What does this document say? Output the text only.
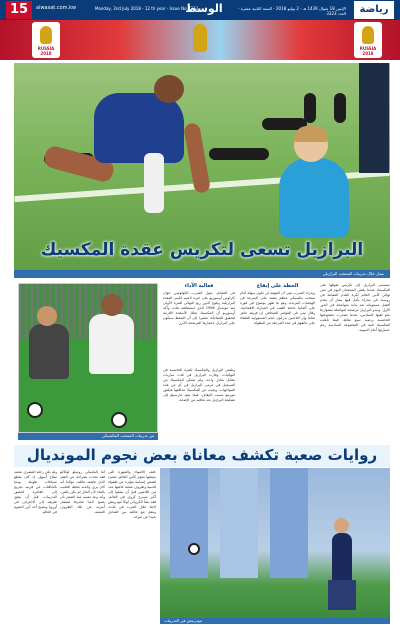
15	alwasat.com.kw	Monday, 2nd July 2018 - 12 th year - Issue No.3323
الوسط	الإثنين 18 شوال 1439 هـ - 2 يوليو 2018 - السنة الثانية عشرة - العدد 3323	رياضة
RUSSIA 2018
RUSSIA 2018
البرازيل تسعى لتكريس عقدة المكسيك
نيمار خلال تدريبات المنتخب البرازيلي
من تدريبات المنتخب المكسيكي
ستسعى البرازيل إلى تكريس تفوقها على المكسيك عندما يلتقي المنتخبان اليوم في ثمن نهائي كأس العالم لكرة القدم المقامة في روسيا، في مباراة يأمل فيها نيمار أن يقدم أفضل مستوياته بعد بداية متواضعة في الدور الأول. وتبدو البرازيل مرشحة لمواصلة مشوارها نحو لقبها السادس، بعدما تصدرت مجموعتها الخامسة برصيد سبع نقاط، فيما تأهلت المكسيك ثانية في المجموعة السادسة رغم خسارتها أمام السويد.
الخطة على إيقاع
ويدرك المدرب تيتي أن المهمة لن تكون سهلة أمام منتخب مكسيكي منظم يعتمد على السرعة في الهجمات المرتدة، وهو ما ظهر بوضوح في فوزه على ألمانيا حاملة اللقب في المباراة الافتتاحية. وقال تيتي في المؤتمر الصحافي إن فريقه جاهز تماما وإن اللاعبين يدركون حجم المسؤولية الملقاة على عاتقهم في هذه المرحلة من البطولة.
فعالية الأداء
في المقابل، يعول المدرب الكولومبي خوان كارلوس أوسوريو على خبرة لاعبيه لكسر العقدة البرازيلية وبلوغ الدور ربع النهائي للمرة الأولى منذ مونديال 1986 الذي استضافته بلاده. وأكد أوسوريو أن المكسيك تملك الأسلحة اللازمة لتحقيق المفاجأة، مشيرا إلى أن الضغط سيكون على البرازيل باعتبارها المرشحة الأبرز.
وتلتقي البرازيل والمكسيك للمرة الخامسة في النهائيات، وفازت البرازيل في ثلاث مباريات مقابل تعادل واحد، ولم تتمكن المكسيك من التسجيل في مرمى البرازيل في أي من هذه المواجهات. ويغيب عن المكسيك مدافعها هيكتور مورينو بسبب الإيقاف، فيما يعود مارسيلو إلى تشكيلة البرازيل بعد تعافيه من الإصابة.
روايات صعبة تكشف معاناة بعض نجوم المونديال
خلف الأضواء والشهرة التي يعيشها نجوم كأس العالم، تختبئ قصص إنسانية مؤثرة عن طفولة قاسية وظروف صعبة عاشها عدد من اللاعبين قبل أن يصلوا إلى أكبر مسرح كروي في العالم. فقد نشأ الكرواتي لوكا مودريتش لاجئا خلال الحرب في بلاده، وتنقل مع عائلته بين الفنادق بعيدا عن منزله.
أما البلجيكي روميلو لوكاكو فقد تحدث بصراحة عن الفقر الذي عاشته عائلته، مؤكدا أنه كان يرى والدته تخلط الحليب بالماء لأن المال لم يكن يكفي، وأنه وعد نفسه منذ الصغر بأن يصبح لاعبا محترفا لينتشل أسرته من تلك الظروف الصعبة.
ولم تكن رحلة المصري محمد صلاح أسهل، إذ كان يقطع مسافات طويلة يوميا بالحافلات من قريته نجريج إلى القاهرة لحضور التدريبات، قبل أن يشق طريقه إلى الاحتراف في أوروبا ويصبح أحد أبرز النجوم في العالم.
مودريتش في التدريبات
